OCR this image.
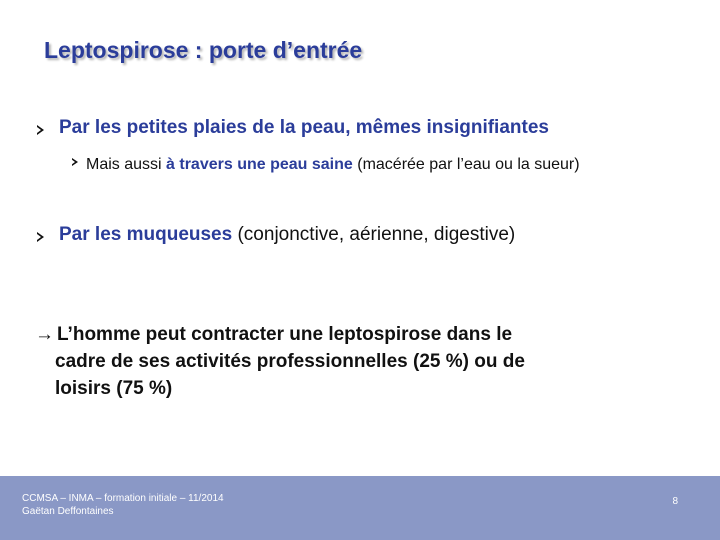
Leptospirose : porte d’entrée
Par les petites plaies de la peau, mêmes insignifiantes
Mais aussi à travers une peau saine (macérée par l’eau ou la sueur)
Par les muqueuses (conjonctive, aérienne, digestive)
→ L’homme peut contracter une leptospirose dans le
cadre de ses activités professionnelles (25 %) ou de
loisirs (75 %)
CCMSA – INMA – formation initiale – 11/2014
Gaëtan Deffontaines
8
